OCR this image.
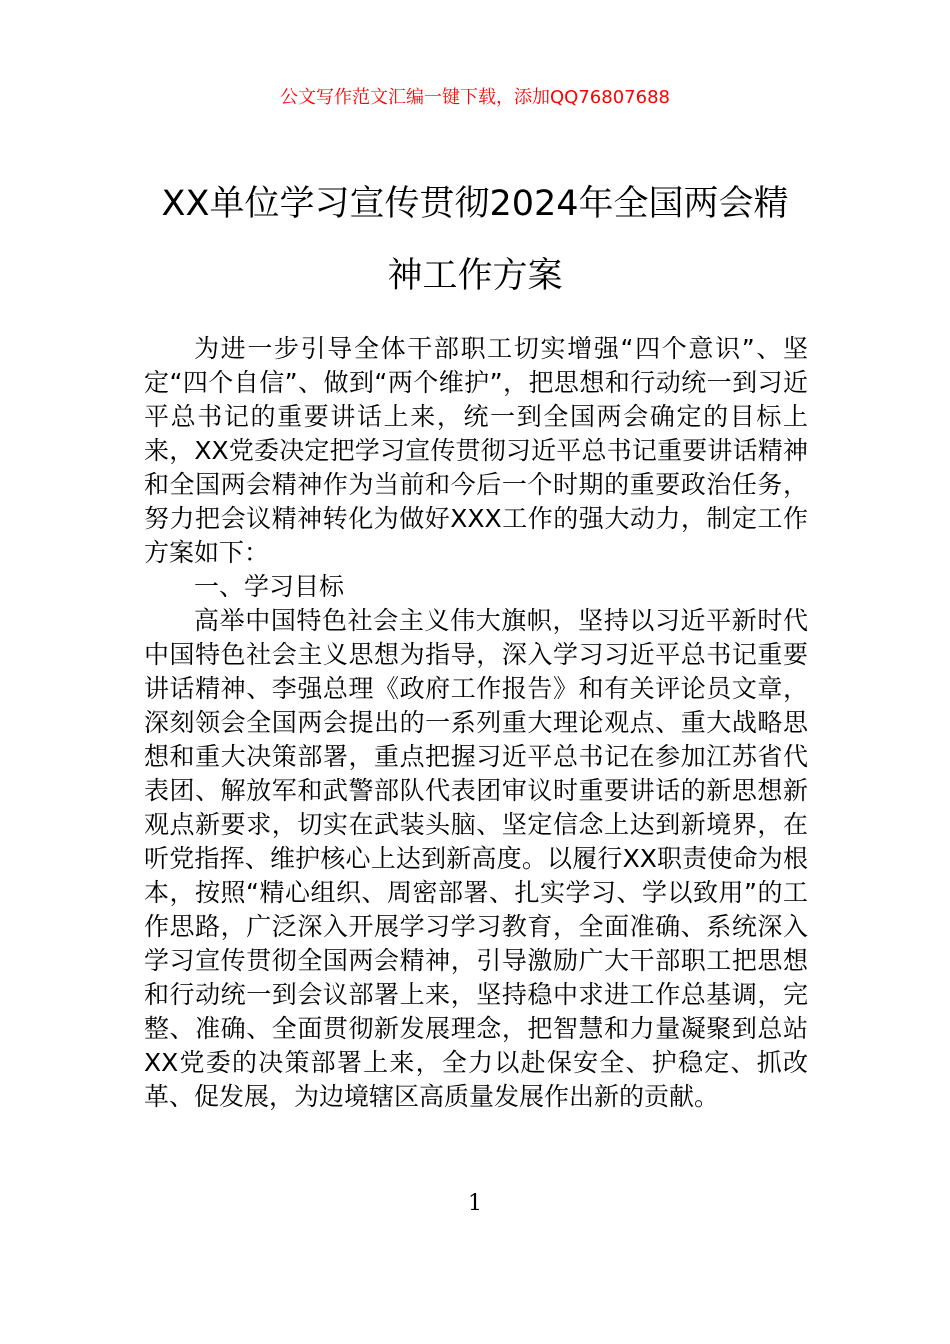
公文写作范文汇编一键下载，添加QQ76807688
XX单位学习宣传贯彻2024年全国两会精神工作方案

为进一步引导全体干部职工切实增强“四个意识”、坚定“四个自信”、做到“两个维护”，把思想和行动统一到习近平总书记的重要讲话上来，统一到全国两会确定的目标上来，XX党委决定把学习宣传贯彻习近平总书记重要讲话精神和全国两会精神作为当前和今后一个时期的重要政治任务，努力把会议精神转化为做好XXX工作的强大动力，制定工作方案如下：

一、学习目标

高举中国特色社会主义伟大旗帜，坚持以习近平新时代中国特色社会主义思想为指导，深入学习习近平总书记重要讲话精神、李强总理《政府工作报告》和有关评论员文章，深刻领会全国两会提出的一系列重大理论观点、重大战略思想和重大决策部署，重点把握习近平总书记在参加江苏省代表团、解放军和武警部队代表团审议时重要讲话的新思想新观点新要求，切实在武装头脑、坚定信念上达到新境界，在听党指挥、维护核心上达到新高度。以履行XX职责使命为根本，按照“精心组织、周密部署、扎实学习、学以致用”的工作思路，广泛深入开展学习学习教育，全面准确、系统深入学习宣传贯彻全国两会精神，引导激励广大干部职工把思想和行动统一到会议部署上来，坚持稳中求进工作总基调，完整、准确、全面贯彻新发展理念，把智慧和力量凝聚到总站XX党委的决策部署上来，全力以赴保安全、护稳定、抓改革、促发展，为边境辖区高质量发展作出新的贡献。

1
